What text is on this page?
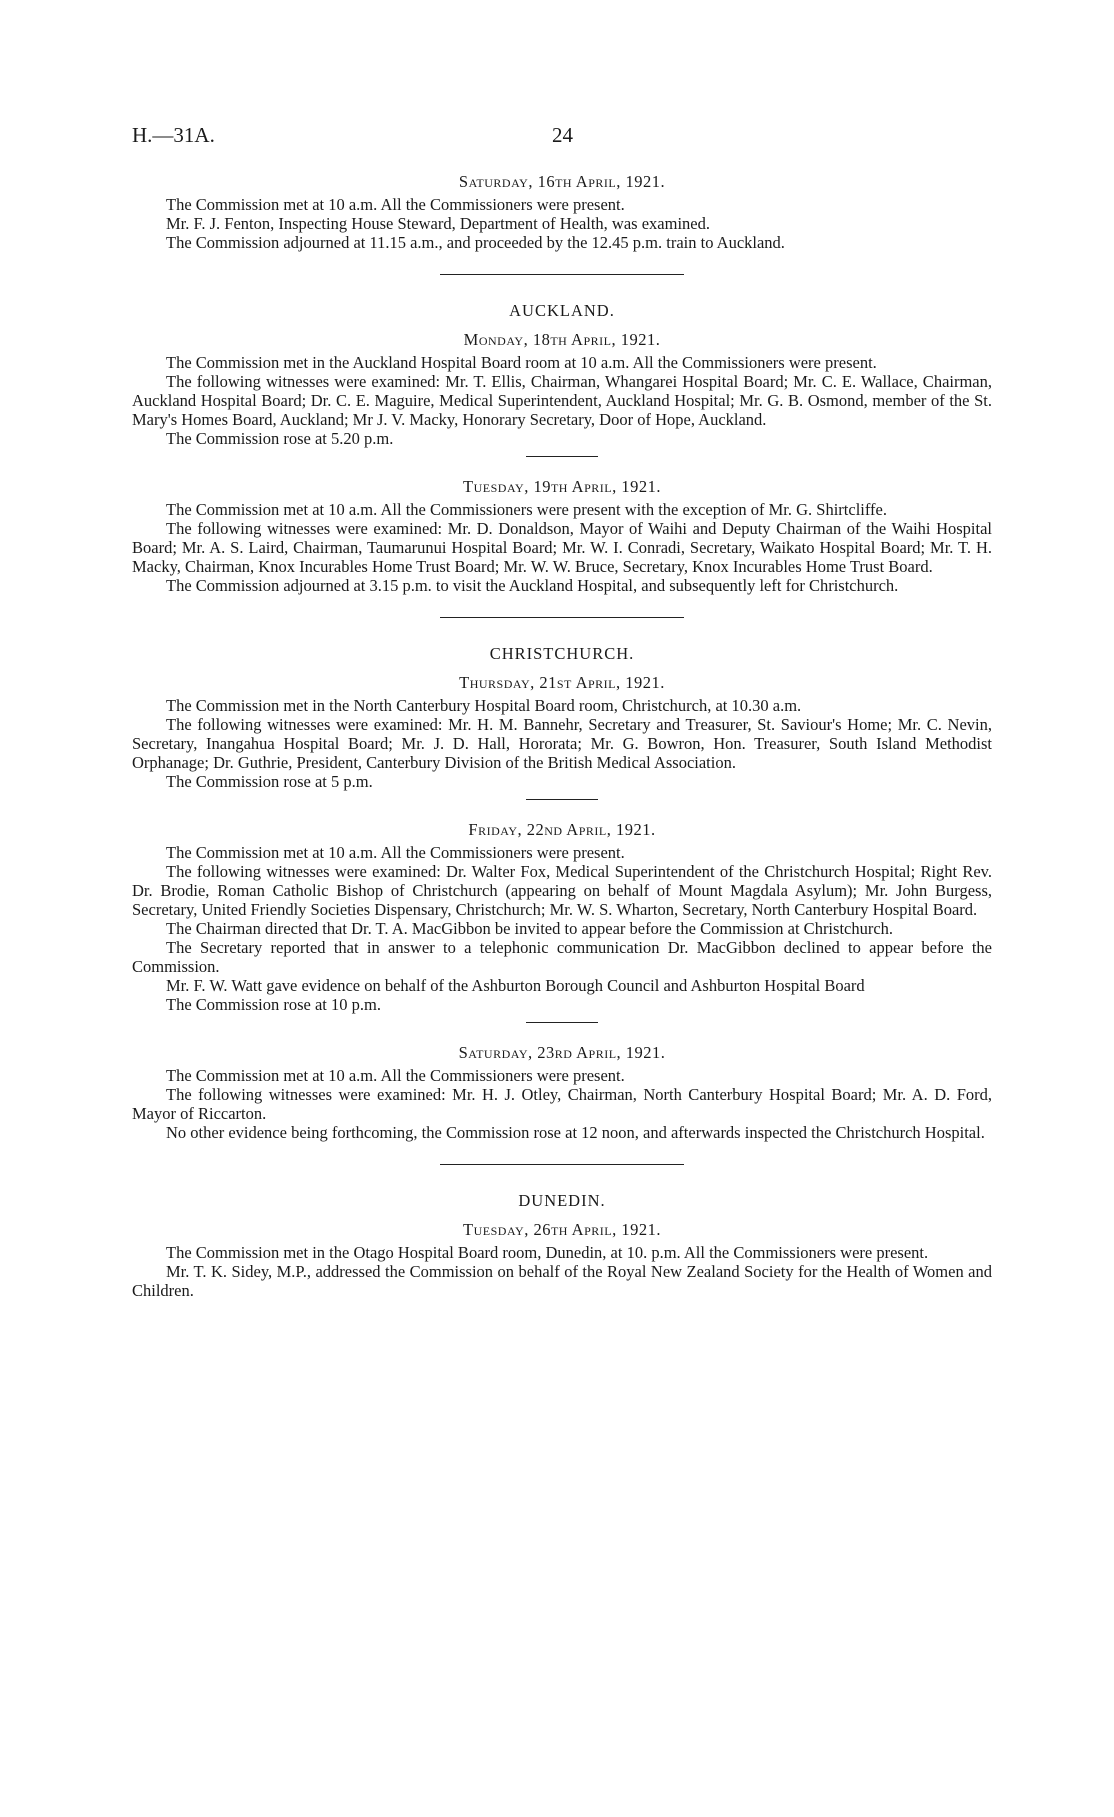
H.—31A.	24
Saturday, 16th April, 1921.

The Commission met at 10 a.m. All the Commissioners were present.

Mr. F. J. Fenton, Inspecting House Steward, Department of Health, was examined.

The Commission adjourned at 11.15 a.m., and proceeded by the 12.45 p.m. train to Auckland.

AUCKLAND.
Monday, 18th April, 1921.

The Commission met in the Auckland Hospital Board room at 10 a.m. All the Commissioners were present.

The following witnesses were examined: Mr. T. Ellis, Chairman, Whangarei Hospital Board; Mr. C. E. Wallace, Chairman, Auckland Hospital Board; Dr. C. E. Maguire, Medical Superintendent, Auckland Hospital; Mr. G. B. Osmond, member of the St. Mary's Homes Board, Auckland; Mr J. V. Macky, Honorary Secretary, Door of Hope, Auckland.

The Commission rose at 5.20 p.m.

Tuesday, 19th April, 1921.

The Commission met at 10 a.m. All the Commissioners were present with the exception of Mr. G. Shirtcliffe.

The following witnesses were examined: Mr. D. Donaldson, Mayor of Waihi and Deputy Chairman of the Waihi Hospital Board; Mr. A. S. Laird, Chairman, Taumarunui Hospital Board; Mr. W. I. Conradi, Secretary, Waikato Hospital Board; Mr. T. H. Macky, Chairman, Knox Incurables Home Trust Board; Mr. W. W. Bruce, Secretary, Knox Incurables Home Trust Board.

The Commission adjourned at 3.15 p.m. to visit the Auckland Hospital, and subsequently left for Christchurch.

CHRISTCHURCH.
Thursday, 21st April, 1921.

The Commission met in the North Canterbury Hospital Board room, Christchurch, at 10.30 a.m.

The following witnesses were examined: Mr. H. M. Bannehr, Secretary and Treasurer, St. Saviour's Home; Mr. C. Nevin, Secretary, Inangahua Hospital Board; Mr. J. D. Hall, Hororata; Mr. G. Bowron, Hon. Treasurer, South Island Methodist Orphanage; Dr. Guthrie, President, Canterbury Division of the British Medical Association.

The Commission rose at 5 p.m.

Friday, 22nd April, 1921.

The Commission met at 10 a.m. All the Commissioners were present.

The following witnesses were examined: Dr. Walter Fox, Medical Superintendent of the Christchurch Hospital; Right Rev. Dr. Brodie, Roman Catholic Bishop of Christchurch (appearing on behalf of Mount Magdala Asylum); Mr. John Burgess, Secretary, United Friendly Societies Dispensary, Christchurch; Mr. W. S. Wharton, Secretary, North Canterbury Hospital Board.

The Chairman directed that Dr. T. A. MacGibbon be invited to appear before the Commission at Christchurch.

The Secretary reported that in answer to a telephonic communication Dr. MacGibbon declined to appear before the Commission.

Mr. F. W. Watt gave evidence on behalf of the Ashburton Borough Council and Ashburton Hospital Board

The Commission rose at 10 p.m.

Saturday, 23rd April, 1921.

The Commission met at 10 a.m. All the Commissioners were present.

The following witnesses were examined: Mr. H. J. Otley, Chairman, North Canterbury Hospital Board; Mr. A. D. Ford, Mayor of Riccarton.

No other evidence being forthcoming, the Commission rose at 12 noon, and afterwards inspected the Christchurch Hospital.

DUNEDIN.
Tuesday, 26th April, 1921.

The Commission met in the Otago Hospital Board room, Dunedin, at 10. p.m. All the Commissioners were present.

Mr. T. K. Sidey, M.P., addressed the Commission on behalf of the Royal New Zealand Society for the Health of Women and Children.
